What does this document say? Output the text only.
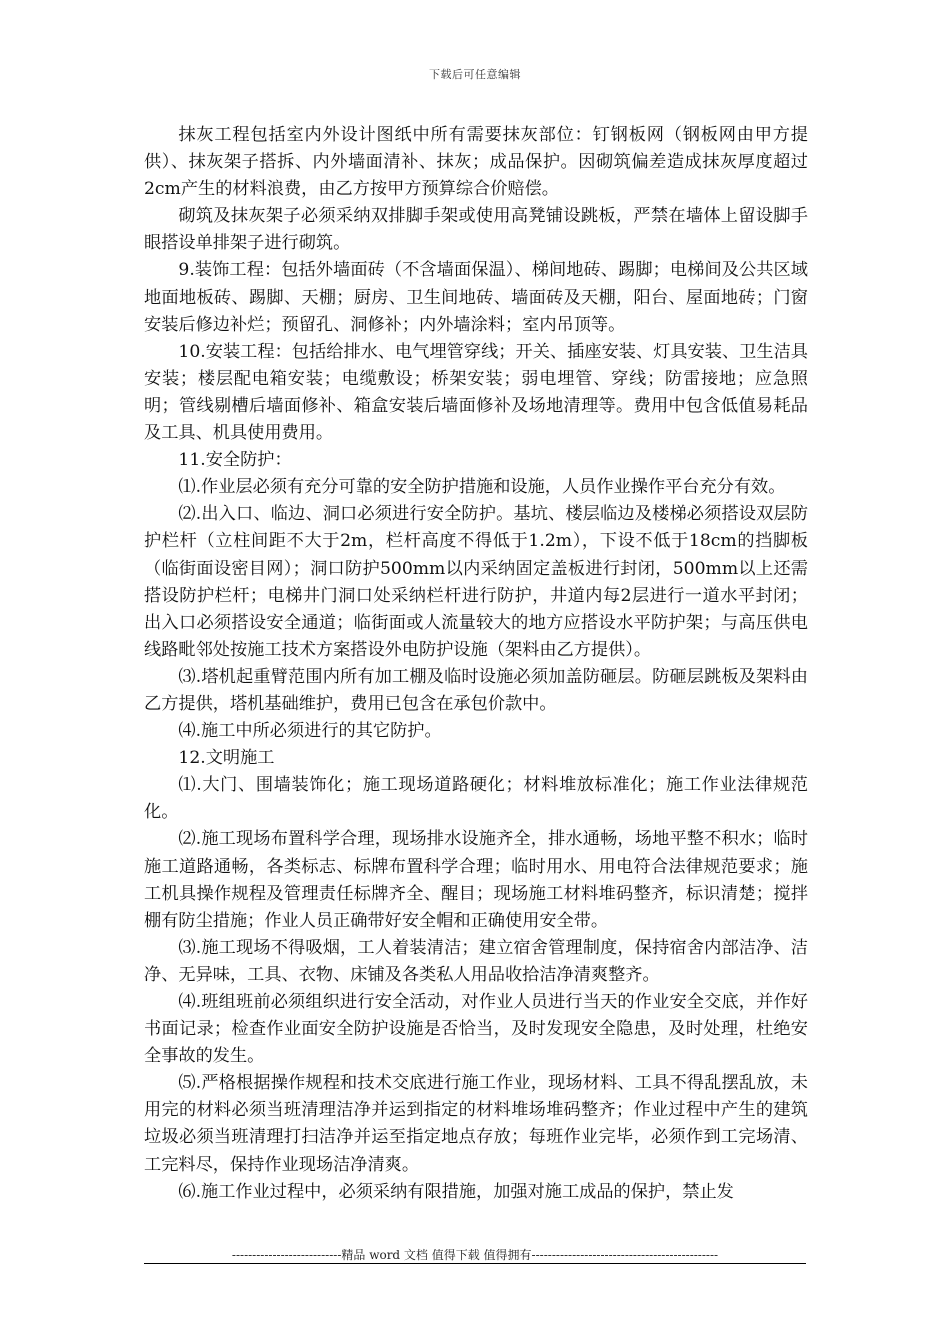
下载后可任意编辑

抹灰工程包括室内外设计图纸中所有需要抹灰部位：钉钢板网（钢板网由甲方提供）、抹灰架子搭拆、内外墙面清补、抹灰；成品保护。因砌筑偏差造成抹灰厚度超过2cm产生的材料浪费，由乙方按甲方预算综合价赔偿。

砌筑及抹灰架子必须采纳双排脚手架或使用高凳铺设跳板，严禁在墙体上留设脚手眼搭设单排架子进行砌筑。

9.装饰工程：包括外墙面砖（不含墙面保温）、梯间地砖、踢脚；电梯间及公共区域地面地板砖、踢脚、天棚；厨房、卫生间地砖、墙面砖及天棚，阳台、屋面地砖；门窗安装后修边补烂；预留孔、洞修补；内外墙涂料；室内吊顶等。

10.安装工程：包括给排水、电气埋管穿线；开关、插座安装、灯具安装、卫生洁具安装；楼层配电箱安装；电缆敷设；桥架安装；弱电埋管、穿线；防雷接地；应急照明；管线剔槽后墙面修补、箱盒安装后墙面修补及场地清理等。费用中包含低值易耗品及工具、机具使用费用。

11.安全防护：

⑴.作业层必须有充分可靠的安全防护措施和设施，人员作业操作平台充分有效。

⑵.出入口、临边、洞口必须进行安全防护。基坑、楼层临边及楼梯必须搭设双层防护栏杆（立柱间距不大于2m，栏杆高度不得低于1.2m），下设不低于18cm的挡脚板（临街面设密目网）；洞口防护500mm以内采纳固定盖板进行封闭，500mm以上还需搭设防护栏杆；电梯井门洞口处采纳栏杆进行防护，井道内每2层进行一道水平封闭；出入口必须搭设安全通道；临街面或人流量较大的地方应搭设水平防护架；与高压供电线路毗邻处按施工技术方案搭设外电防护设施（架料由乙方提供）。

⑶.塔机起重臂范围内所有加工棚及临时设施必须加盖防砸层。防砸层跳板及架料由乙方提供，塔机基础维护，费用已包含在承包价款中。

⑷.施工中所必须进行的其它防护。

12.文明施工

⑴.大门、围墙装饰化；施工现场道路硬化；材料堆放标准化；施工作业法律规范化。

⑵.施工现场布置科学合理，现场排水设施齐全，排水通畅，场地平整不积水；临时施工道路通畅，各类标志、标牌布置科学合理；临时用水、用电符合法律规范要求；施工机具操作规程及管理责任标牌齐全、醒目；现场施工材料堆码整齐，标识清楚；搅拌棚有防尘措施；作业人员正确带好安全帽和正确使用安全带。

⑶.施工现场不得吸烟，工人着装清洁；建立宿舍管理制度，保持宿舍内部洁净、洁净、无异味，工具、衣物、床铺及各类私人用品收拾洁净清爽整齐。

⑷.班组班前必须组织进行安全活动，对作业人员进行当天的作业安全交底，并作好书面记录；检查作业面安全防护设施是否恰当，及时发现安全隐患，及时处理，杜绝安全事故的发生。

⑸.严格根据操作规程和技术交底进行施工作业，现场材料、工具不得乱摆乱放，未用完的材料必须当班清理洁净并运到指定的材料堆场堆码整齐；作业过程中产生的建筑垃圾必须当班清理打扫洁净并运至指定地点存放；每班作业完毕，必须作到工完场清、工完料尽，保持作业现场洁净清爽。

⑹.施工作业过程中，必须采纳有限措施，加强对施工成品的保护，禁止发

---------------------------精品 word 文档 值得下载 值得拥有----------------------------------------------
